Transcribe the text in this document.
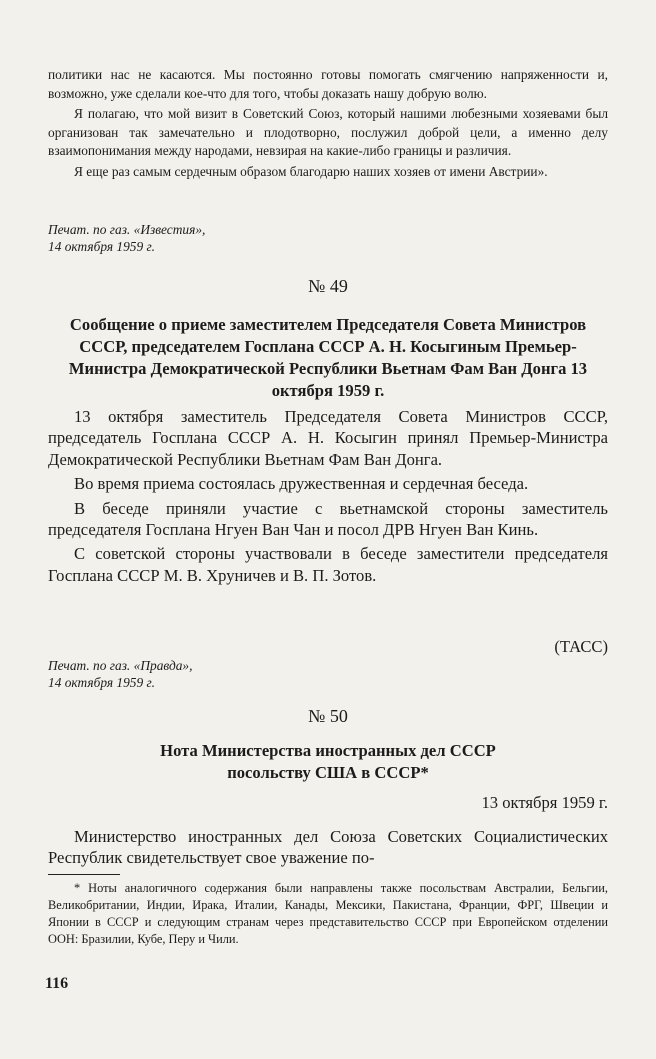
политики нас не касаются. Мы постоянно готовы помогать смягчению напряженности и, возможно, уже сделали кое-что для того, чтобы доказать нашу добрую волю.

Я полагаю, что мой визит в Советский Союз, который нашими любезными хозяевами был организован так замечательно и плодотворно, послужил доброй цели, а именно делу взаимопонимания между народами, невзирая на какие-либо границы и различия.

Я еще раз самым сердечным образом благодарю наших хозяев от имени Австрии».

Печат. по газ. «Известия»,

14 октября 1959 г.

№ 49

Сообщение о приеме заместителем Председателя Совета Министров СССР, председателем Госплана СССР А. Н. Косыгиным Премьер-Министра Демократической Республики Вьетнам Фам Ван Донга 13 октября 1959 г.

13 октября заместитель Председателя Совета Министров СССР, председатель Госплана СССР А. Н. Косыгин принял Премьер-Министра Демократической Республики Вьетнам Фам Ван Донга.

Во время приема состоялась дружественная и сердечная беседа.

В беседе приняли участие с вьетнамской стороны заместитель председателя Госплана Нгуен Ван Чан и посол ДРВ Нгуен Ван Кинь.

С советской стороны участвовали в беседе заместители председателя Госплана СССР М. В. Хруничев и В. П. Зотов.

(ТАСС)

Печат. по газ. «Правда»,

14 октября 1959 г.

№ 50

Нота Министерства иностранных дел СССР посольству США в СССР*

13 октября 1959 г.

Министерство иностранных дел Союза Советских Социалистических Республик свидетельствует свое уважение по-

* Ноты аналогичного содержания были направлены также посольствам Австралии, Бельгии, Великобритании, Индии, Ирака, Италии, Канады, Мексики, Пакистана, Франции, ФРГ, Швеции и Японии в СССР и следующим странам через представительство СССР при Европейском отделении ООН: Бразилии, Кубе, Перу и Чили.

116
